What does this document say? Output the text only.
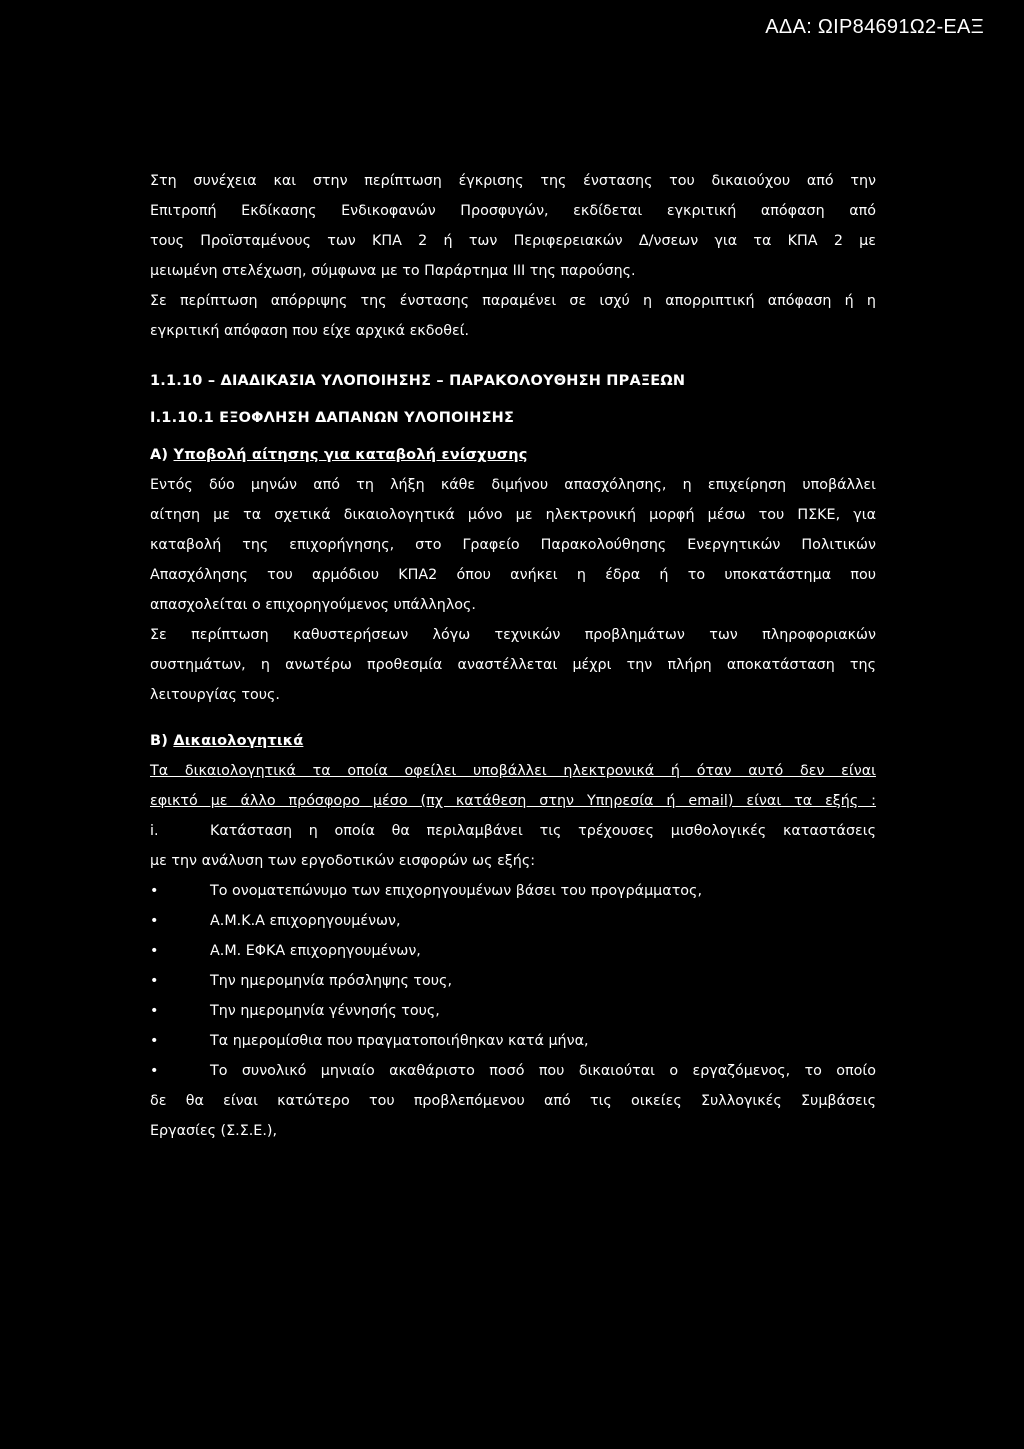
ΑΔΑ: ΩΙΡ84691Ω2-ΕΑΞ

Στη συνέχεια και στην περίπτωση έγκρισης της ένστασης του δικαιούχου από την

Επιτροπή Εκδίκασης Ενδικοφανών Προσφυγών, εκδίδεται εγκριτική απόφαση από

τους Προϊσταμένους των ΚΠΑ 2 ή των Περιφερειακών Δ/νσεων για τα ΚΠΑ 2 με

μειωμένη στελέχωση, σύμφωνα με το Παράρτημα ΙΙΙ της παρούσης.

Σε περίπτωση απόρριψης της ένστασης παραμένει σε ισχύ η απορριπτική απόφαση ή η

εγκριτική απόφαση που είχε αρχικά εκδοθεί.

1.1.10 – ΔΙΑΔΙΚΑΣΙΑ ΥΛΟΠΟΙΗΣΗΣ – ΠΑΡΑΚΟΛΟΥΘΗΣΗ ΠΡΑΞΕΩΝ

Ι.1.10.1 ΕΞΟΦΛΗΣΗ ΔΑΠΑΝΩΝ ΥΛΟΠΟΙΗΣΗΣ

Α) Υποβολή αίτησης για καταβολή ενίσχυσης

Εντός δύο μηνών από τη λήξη κάθε διμήνου απασχόλησης, η επιχείρηση υποβάλλει

αίτηση με τα σχετικά δικαιολογητικά μόνο με ηλεκτρονική μορφή μέσω του ΠΣΚΕ, για

καταβολή της επιχορήγησης, στο Γραφείο Παρακολούθησης Ενεργητικών Πολιτικών

Απασχόλησης του αρμόδιου ΚΠΑ2 όπου ανήκει η έδρα ή το υποκατάστημα που

απασχολείται ο επιχορηγούμενος υπάλληλος.

Σε περίπτωση καθυστερήσεων λόγω τεχνικών προβλημάτων των πληροφοριακών

συστημάτων, η ανωτέρω προθεσμία αναστέλλεται μέχρι την πλήρη αποκατάσταση της

λειτουργίας τους.

Β) Δικαιολογητικά

Τα δικαιολογητικά τα οποία οφείλει υποβάλλει ηλεκτρονικά ή όταν αυτό δεν είναι

εφικτό με άλλο πρόσφορο μέσο (πχ κατάθεση στην Υπηρεσία ή email) είναι τα εξής :

i.	Κατάσταση η οποία θα περιλαμβάνει τις τρέχουσες μισθολογικές καταστάσεις

με την ανάλυση των εργοδοτικών εισφορών ως εξής:

•	Το ονοματεπώνυμο των επιχορηγουμένων βάσει του προγράμματος,
•	Α.Μ.Κ.Α επιχορηγουμένων,
•	Α.Μ. ΕΦΚΑ επιχορηγουμένων,
•	Την ημερομηνία πρόσληψης τους,
•	Την ημερομηνία γέννησής τους,
•	Τα ημερομίσθια που πραγματοποιήθηκαν κατά μήνα,
•	Το συνολικό μηνιαίο ακαθάριστο ποσό που δικαιούται ο εργαζόμενος, το οποίο

δε θα είναι κατώτερο του προβλεπόμενου από τις οικείες Συλλογικές Συμβάσεις

Εργασίες (Σ.Σ.Ε.),
